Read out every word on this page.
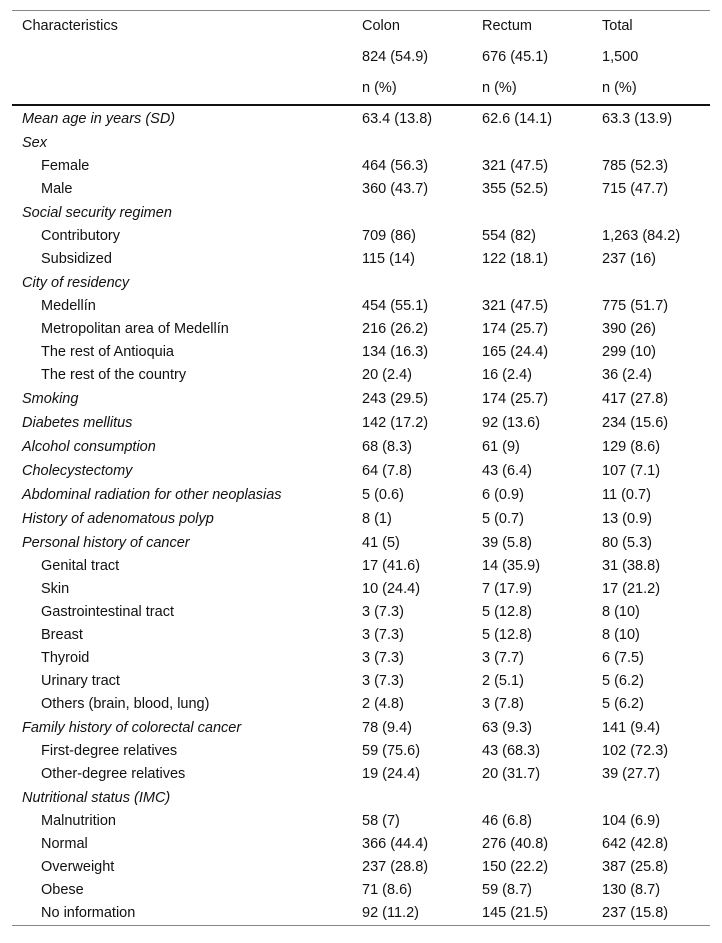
Characteristics	Colon	Rectum	Total
	824 (54.9)	676 (45.1)	1,500
	n (%)	n (%)	n (%)
Mean age in years (SD)	63.4 (13.8)	62.6 (14.1)	63.3 (13.9)
Sex			
Female	464 (56.3)	321 (47.5)	785 (52.3)
Male	360 (43.7)	355 (52.5)	715 (47.7)
Social security regimen			
Contributory	709 (86)	554 (82)	1,263 (84.2)
Subsidized	115 (14)	122 (18.1)	237 (16)
City of residency			
Medellín	454 (55.1)	321 (47.5)	775 (51.7)
Metropolitan area of Medellín	216 (26.2)	174 (25.7)	390 (26)
The rest of Antioquia	134 (16.3)	165 (24.4)	299 (10)
The rest of the country	20 (2.4)	16 (2.4)	36 (2.4)
Smoking	243 (29.5)	174 (25.7)	417 (27.8)
Diabetes mellitus	142 (17.2)	92 (13.6)	234 (15.6)
Alcohol consumption	68 (8.3)	61 (9)	129 (8.6)
Cholecystectomy	64 (7.8)	43 (6.4)	107 (7.1)
Abdominal radiation for other neoplasias	5 (0.6)	6 (0.9)	11 (0.7)
History of adenomatous polyp	8 (1)	5 (0.7)	13 (0.9)
Personal history of cancer	41 (5)	39 (5.8)	80 (5.3)
Genital tract	17 (41.6)	14 (35.9)	31 (38.8)
Skin	10 (24.4)	7 (17.9)	17 (21.2)
Gastrointestinal tract	3 (7.3)	5 (12.8)	8 (10)
Breast	3 (7.3)	5 (12.8)	8 (10)
Thyroid	3 (7.3)	3 (7.7)	6 (7.5)
Urinary tract	3 (7.3)	2 (5.1)	5 (6.2)
Others (brain, blood, lung)	2 (4.8)	3 (7.8)	5 (6.2)
Family history of colorectal cancer	78 (9.4)	63 (9.3)	141 (9.4)
First-degree relatives	59 (75.6)	43 (68.3)	102 (72.3)
Other-degree relatives	19 (24.4)	20 (31.7)	39 (27.7)
Nutritional status (IMC)			
Malnutrition	58 (7)	46 (6.8)	104 (6.9)
Normal	366 (44.4)	276 (40.8)	642 (42.8)
Overweight	237 (28.8)	150 (22.2)	387 (25.8)
Obese	71 (8.6)	59 (8.7)	130 (8.7)
No information	92 (11.2)	145 (21.5)	237 (15.8)
